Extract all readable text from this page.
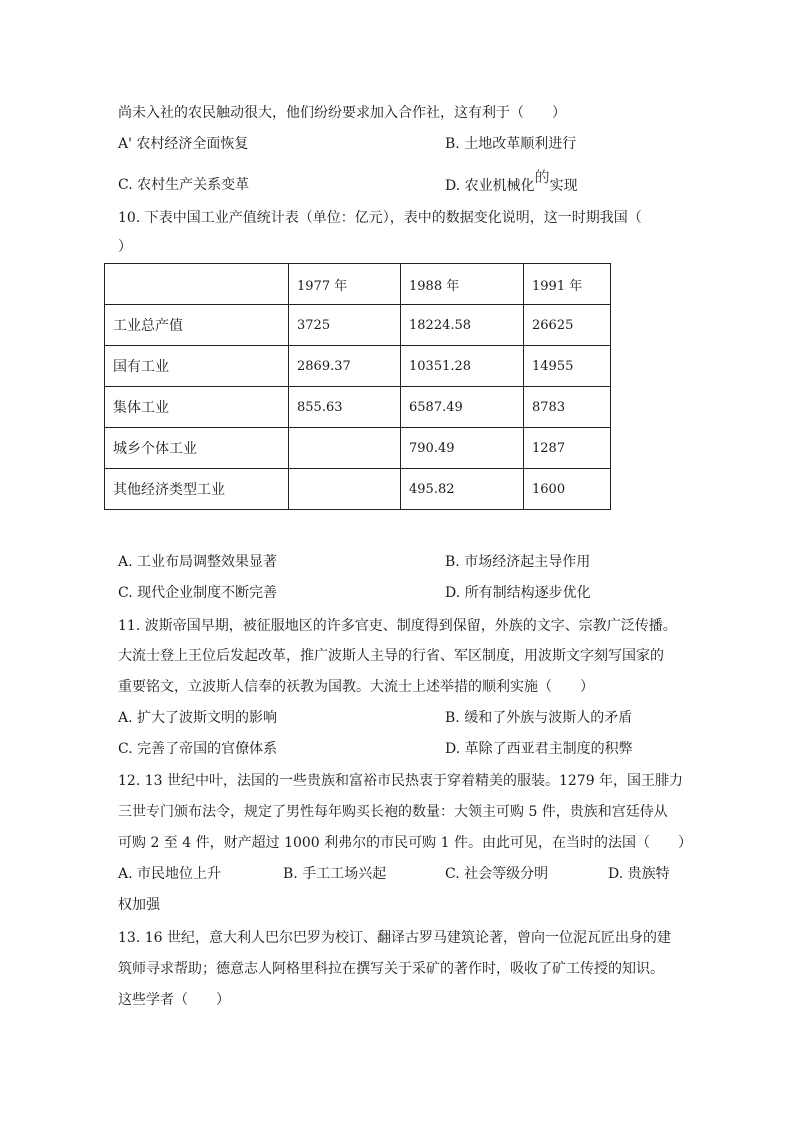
尚未入社的农民触动很大，他们纷纷要求加入合作社，这有利于（　　）
A' 农村经济全面恢复	B. 土地改革顺利进行
C. 农村生产关系变革	D. 农业机械化的实现
10. 下表中国工业产值统计表（单位：亿元），表中的数据变化说明，这一时期我国（
）
	1977 年	1988 年	1991 年
工业总产值	3725	18224.58	26625
国有工业	2869.37	10351.28	14955
集体工业	855.63	6587.49	8783
城乡个体工业		790.49	1287
其他经济类型工业		495.82	1600
A. 工业布局调整效果显著	B. 市场经济起主导作用
C. 现代企业制度不断完善	D. 所有制结构逐步优化
11. 波斯帝国早期，被征服地区的许多官吏、制度得到保留，外族的文字、宗教广泛传播。
大流士登上王位后发起改革，推广波斯人主导的行省、军区制度，用波斯文字刻写国家的
重要铭文，立波斯人信奉的祆教为国教。大流士上述举措的顺利实施（　　）
A. 扩大了波斯文明的影响	B. 缓和了外族与波斯人的矛盾
C. 完善了帝国的官僚体系	D. 革除了西亚君主制度的积弊
12. 13 世纪中叶，法国的一些贵族和富裕市民热衷于穿着精美的服装。1279 年，国王腓力
三世专门颁布法令，规定了男性每年购买长袍的数量：大领主可购 5 件，贵族和宫廷侍从
可购 2 至 4 件，财产超过 1000 利弗尔的市民可购 1 件。由此可见，在当时的法国（　　）
A. 市民地位上升	B. 手工工场兴起	C. 社会等级分明	D. 贵族特
权加强
13. 16 世纪，意大利人巴尔巴罗为校订、翻译古罗马建筑论著，曾向一位泥瓦匠出身的建
筑师寻求帮助；德意志人阿格里科拉在撰写关于采矿的著作时，吸收了矿工传授的知识。
这些学者（　　）
